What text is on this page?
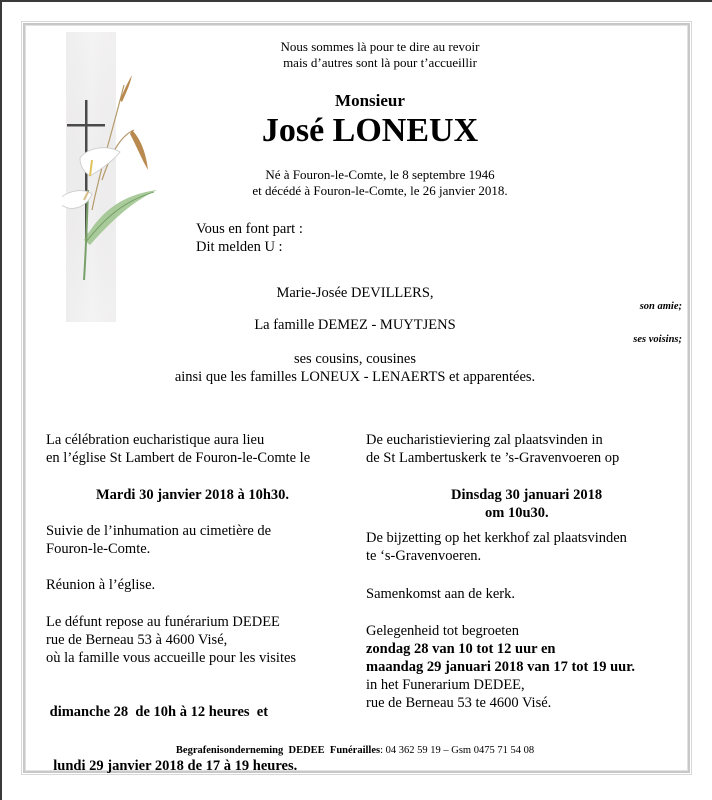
Nous sommes là pour te dire au revoir
mais d’autres sont là pour t’accueillir
Monsieur
José LONEUX
Né à Fouron-le-Comte, le 8 septembre 1946
et décédé à Fouron-le-Comte, le 26 janvier 2018.
Vous en font part :
Dit melden U :
Marie-Josée DEVILLERS,
son amie;
La famille DEMEZ - MUYTJENS
ses voisins;
ses cousins, cousines
ainsi que les familles LONEUX - LENAERTS et apparentées.
La célébration eucharistique aura lieu
en l’église St Lambert de Fouron-le-Comte le
Mardi 30 janvier 2018 à 10h30.
Suivie de l’inhumation au cimetière de
Fouron-le-Comte.
Réunion à l’église.
Le défunt repose au funérarium DEDEE
rue de Berneau 53 à 4600 Visé,
où la famille vous accueille pour les visites

dimanche 28  de 10h à 12 heures  et

lundi 29 janvier 2018 de 17 à 19 heures.

De eucharistieviering zal plaatsvinden in
de St Lambertuskerk te ’s-Gravenvoeren op
Dinsdag 30 januari 2018
om 10u30.
De bijzetting op het kerkhof zal plaatsvinden
te ‘s-Gravenvoeren.
Samenkomst aan de kerk.
Gelegenheid tot begroeten
zondag 28 van 10 tot 12 uur en
maandag 29 januari 2018 van 17 tot 19 uur.
in het Funerarium DEDEE,
rue de Berneau 53 te 4600 Visé.
Begrafenisonderneming  DEDEE  Funérailles: 04 362 59 19 – Gsm 0475 71 54 08
